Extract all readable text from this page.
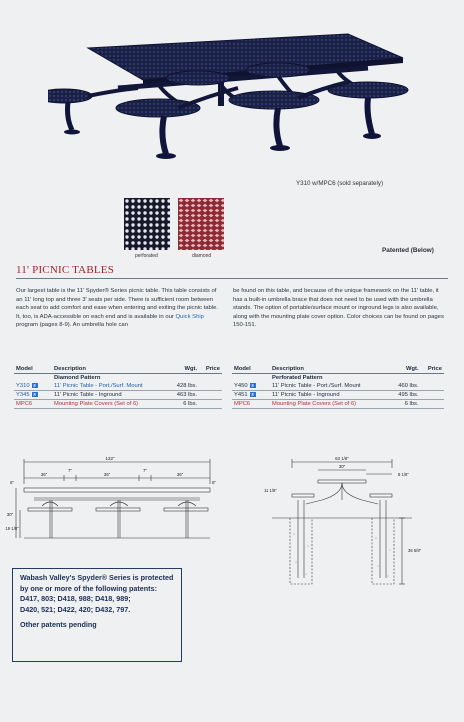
Y310 w/MPC6 (sold separately)
perforated	diamond
Patented (Below)
11' PICNIC TABLES
Our largest table is the 11' Spyder® Series picnic table. This table consists of an 11' long top and three 3' seats per side. There is sufficient room between each seat to add comfort and ease when entering and exiting the picnic table. It, too, is ADA-accessible on each end and is available in our Quick Ship program (pages 8-9). An umbrella hole can
be found on this table, and because of the unique framework on the 11' table, it has a built-in umbrella brace that does not need to be used with the umbrella stands. The option of portable/surface mount or inground legs is also available, along with the mounting plate cover option. Color choices can be found on pages 150-151.
Model	Description	Wgt.	Price
	Diamond Pattern		
Y310 ♿	11' Picnic Table - Port./Surf. Mount	428 lbs.	
Y345 ♿	11' Picnic Table - Inground	463 lbs.	
MPC6	Mounting Plate Covers (Set of 6)	6 lbs.	
Model	Description	Wgt.	Price
	Perforated Pattern		
Y450 ♿	11' Picnic Table - Port./Surf. Mount	460 lbs.	
Y451 ♿	11' Picnic Table - Inground	495 lbs.	
MPC6	Mounting Plate Covers (Set of 6)	6 lbs.	
132"
36"	36"	36"
7"	7"
6"	6"
30"
19 1/8"
63 1/8"
30"
8 1/8"
11 1/8"
36 5/8"
Wabash Valley's Spyder® Series is protected
by one or more of the following patents:
D417, 803; D418, 988; D418, 989;
D420, 521; D422, 420; D432, 797.
Other patents pending
